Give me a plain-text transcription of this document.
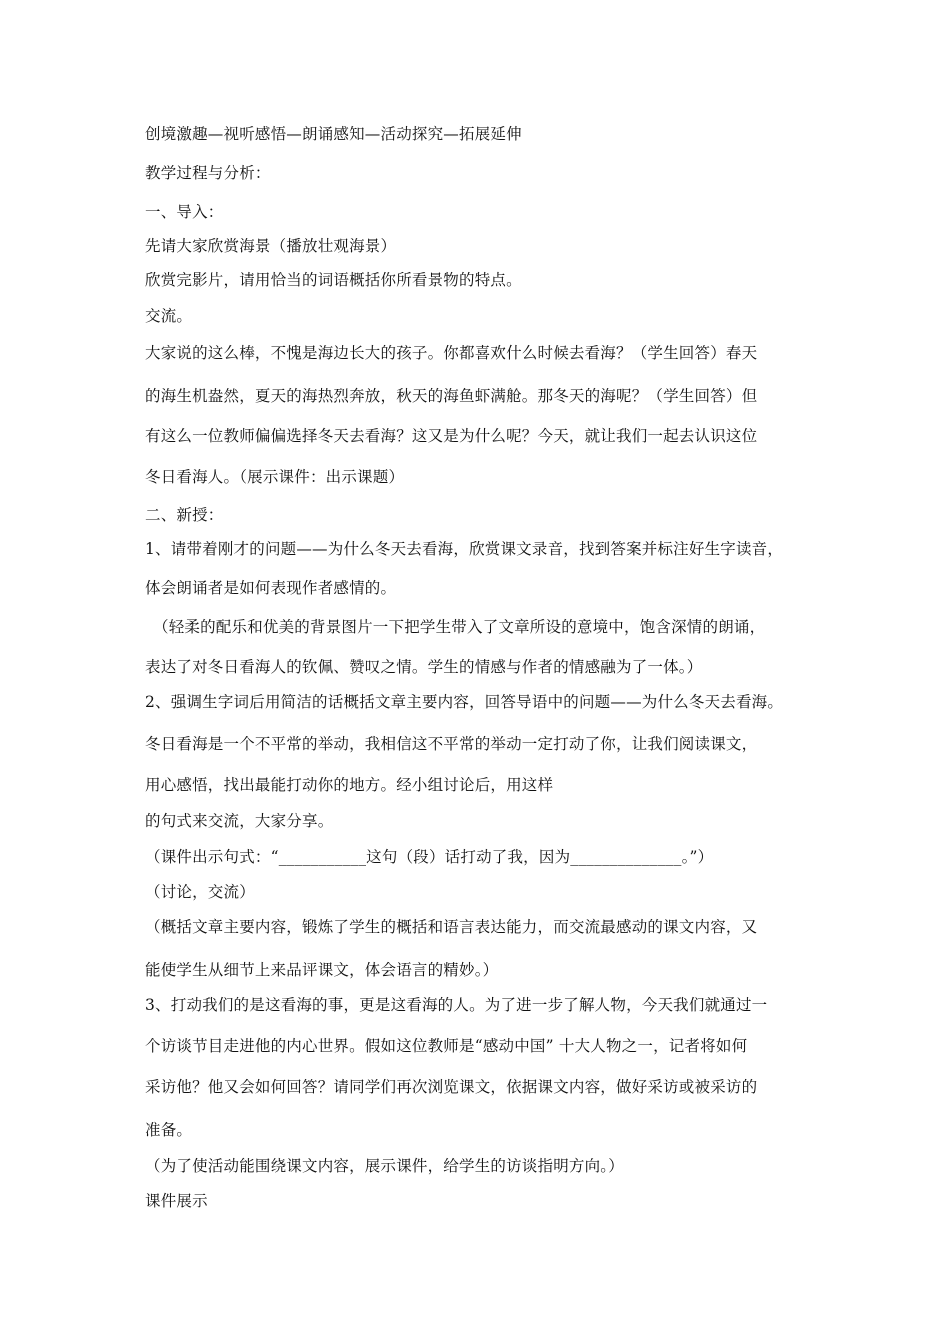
创境激趣—视听感悟—朗诵感知—活动探究—拓展延伸
教学过程与分析：
一、导入：
先请大家欣赏海景（播放壮观海景）
欣赏完影片，请用恰当的词语概括你所看景物的特点。
交流。
大家说的这么棒，不愧是海边长大的孩子。你都喜欢什么时候去看海？（学生回答）春天
的海生机盎然，夏天的海热烈奔放，秋天的海鱼虾满舱。那冬天的海呢？（学生回答）但
有这么一位教师偏偏选择冬天去看海？这又是为什么呢？今天，就让我们一起去认识这位
冬日看海人。（展示课件：出示课题）
二、新授：
1、请带着刚才的问题——为什么冬天去看海，欣赏课文录音，找到答案并标注好生字读音，
体会朗诵者是如何表现作者感情的。
（轻柔的配乐和优美的背景图片一下把学生带入了文章所设的意境中，饱含深情的朗诵，
表达了对冬日看海人的钦佩、赞叹之情。学生的情感与作者的情感融为了一体。）
2、强调生字词后用简洁的话概括文章主要内容，回答导语中的问题——为什么冬天去看海。
冬日看海是一个不平常的举动，我相信这不平常的举动一定打动了你，让我们阅读课文，
用心感悟，找出最能打动你的地方。经小组讨论后，用这样
的句式来交流，大家分享。
（课件出示句式：“___________这句（段）话打动了我，因为______________。”）
（讨论，交流）
（概括文章主要内容，锻炼了学生的概括和语言表达能力，而交流最感动的课文内容，又
能使学生从细节上来品评课文，体会语言的精妙。）
3、打动我们的是这看海的事，更是这看海的人。为了进一步了解人物，今天我们就通过一
个访谈节目走进他的内心世界。假如这位教师是“感动中国” 十大人物之一，记者将如何
采访他？他又会如何回答？请同学们再次浏览课文，依据课文内容，做好采访或被采访的
准备。
（为了使活动能围绕课文内容，展示课件，给学生的访谈指明方向。）
课件展示
